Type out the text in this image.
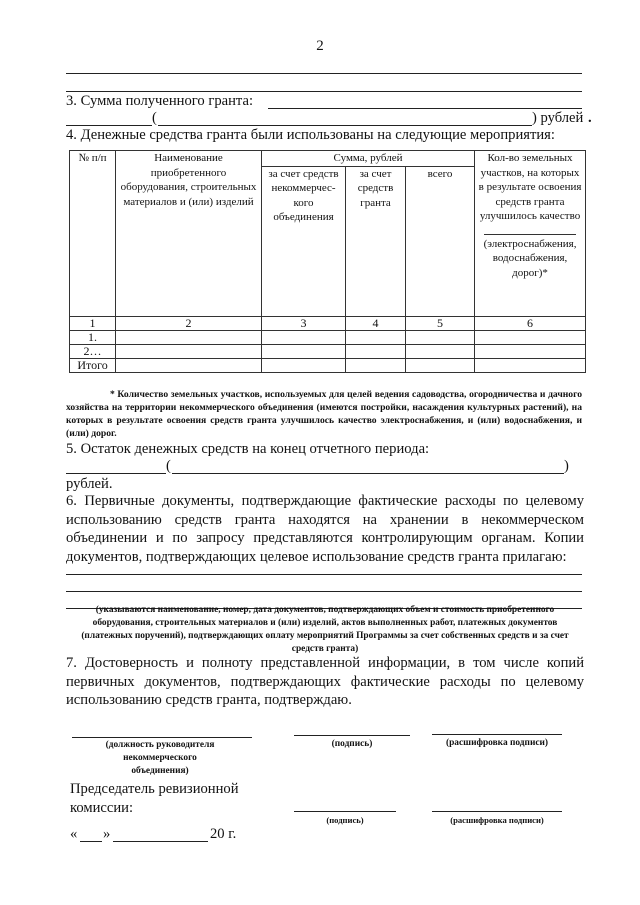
2
3. Сумма полученного гранта:
(	) рублей .
4. Денежные средства гранта были использованы на следующие мероприятия:
№ п/п	Наименование приобретенного оборудования, строительных материалов и (или) изделий	Сумма, рублей			Кол-во земельных участков, на которых в результате освоения средств гранта улучшилось качество
(электроснабжения, водоснабжения, дорог)*
		за счет средств некоммерчес-кого объединения	за счет средств гранта	всего	
1	2	3	4	5	6
1.					
2…					
Итого					
* Количество земельных участков, используемых для целей ведения садоводства, огородничества и дачного хозяйства на территории некоммерческого объединения (имеются постройки, насаждения культурных растений), на которых в результате освоения средств гранта улучшилось качество электроснабжения, и (или) водоснабжения, и (или) дорог.
5. Остаток денежных средств на конец отчетного периода:
(	)
рублей.
6. Первичные документы, подтверждающие фактические расходы по целевому использованию средств гранта находятся на хранении в некоммерческом объединении и по запросу представляются контролирующим органам. Копии документов, подтверждающих целевое использование средств гранта прилагаю:
(указываются наименование, номер, дата документов, подтверждающих объем и стоимость приобретенного оборудования, строительных материалов и (или) изделий, актов выполненных работ, платежных документов (платежных поручений), подтверждающих оплату мероприятий Программы за счет собственных средств и за счет средств гранта)
7. Достоверность и полноту представленной информации, в том числе копий первичных документов, подтверждающих фактические расходы по целевому использованию средств гранта, подтверждаю.
(должность руководителя некоммерческого объединения)
(подпись)	(расшифровка подписи)
Председатель ревизионной
комиссии:
(подпись)	(расшифровка подписи)
« »	20 г.
